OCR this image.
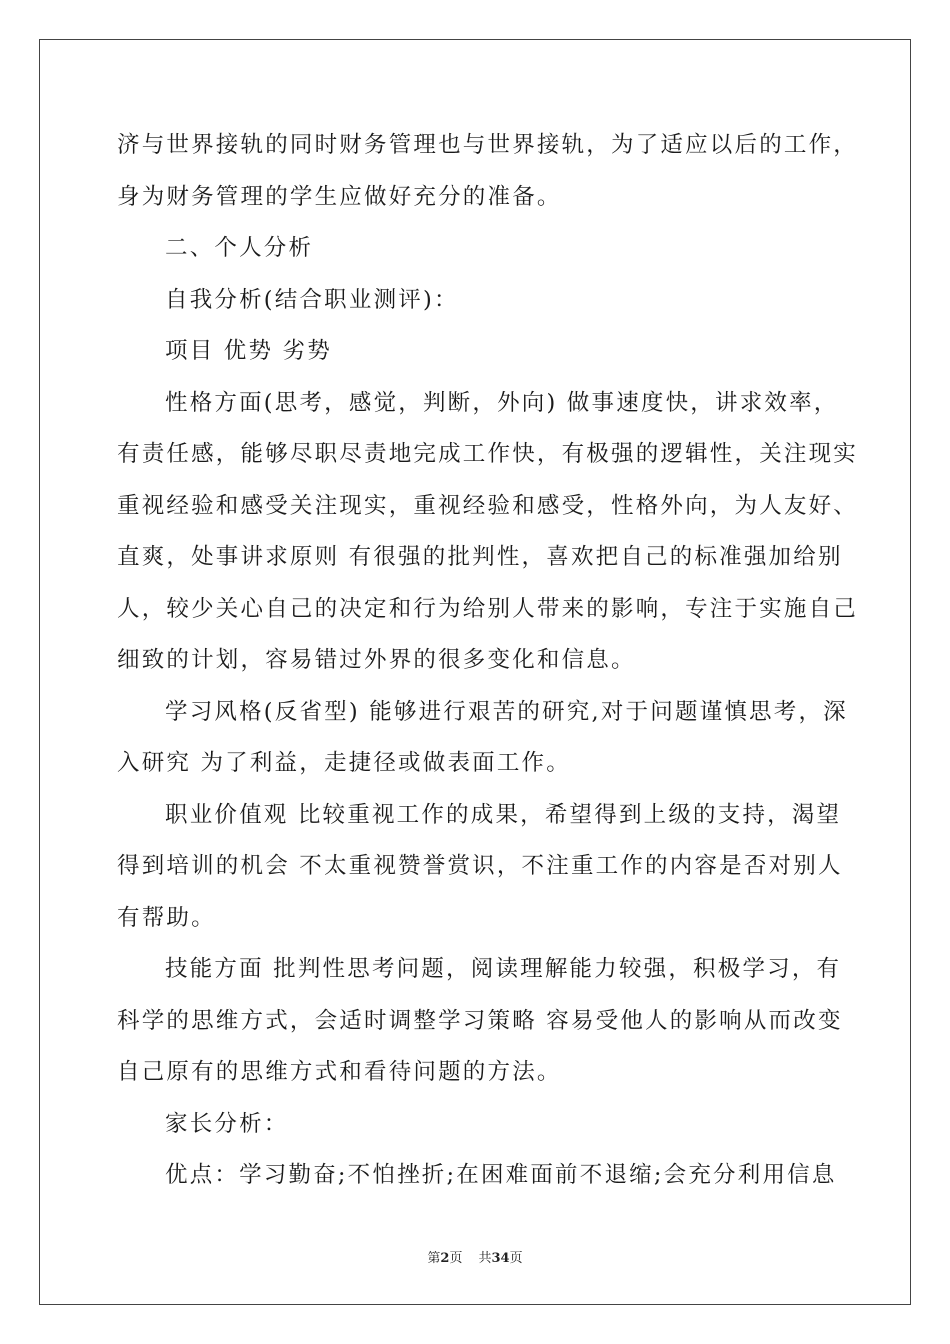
济与世界接轨的同时财务管理也与世界接轨，为了适应以后的工作，
身为财务管理的学生应做好充分的准备。
二、个人分析
自我分析(结合职业测评)：
项目 优势 劣势
性格方面(思考，感觉，判断，外向) 做事速度快，讲求效率，
有责任感，能够尽职尽责地完成工作快，有极强的逻辑性，关注现实
重视经验和感受关注现实，重视经验和感受，性格外向，为人友好、
直爽，处事讲求原则 有很强的批判性，喜欢把自己的标准强加给别
人，较少关心自己的决定和行为给别人带来的影响，专注于实施自己
细致的计划，容易错过外界的很多变化和信息。
学习风格(反省型) 能够进行艰苦的研究,对于问题谨慎思考，深
入研究 为了利益，走捷径或做表面工作。
职业价值观 比较重视工作的成果，希望得到上级的支持，渴望
得到培训的机会 不太重视赞誉赏识，不注重工作的内容是否对别人
有帮助。
技能方面 批判性思考问题，阅读理解能力较强，积极学习，有
科学的思维方式，会适时调整学习策略 容易受他人的影响从而改变
自己原有的思维方式和看待问题的方法。
家长分析：
优点：学习勤奋;不怕挫折;在困难面前不退缩;会充分利用信息
第2页 共34页
